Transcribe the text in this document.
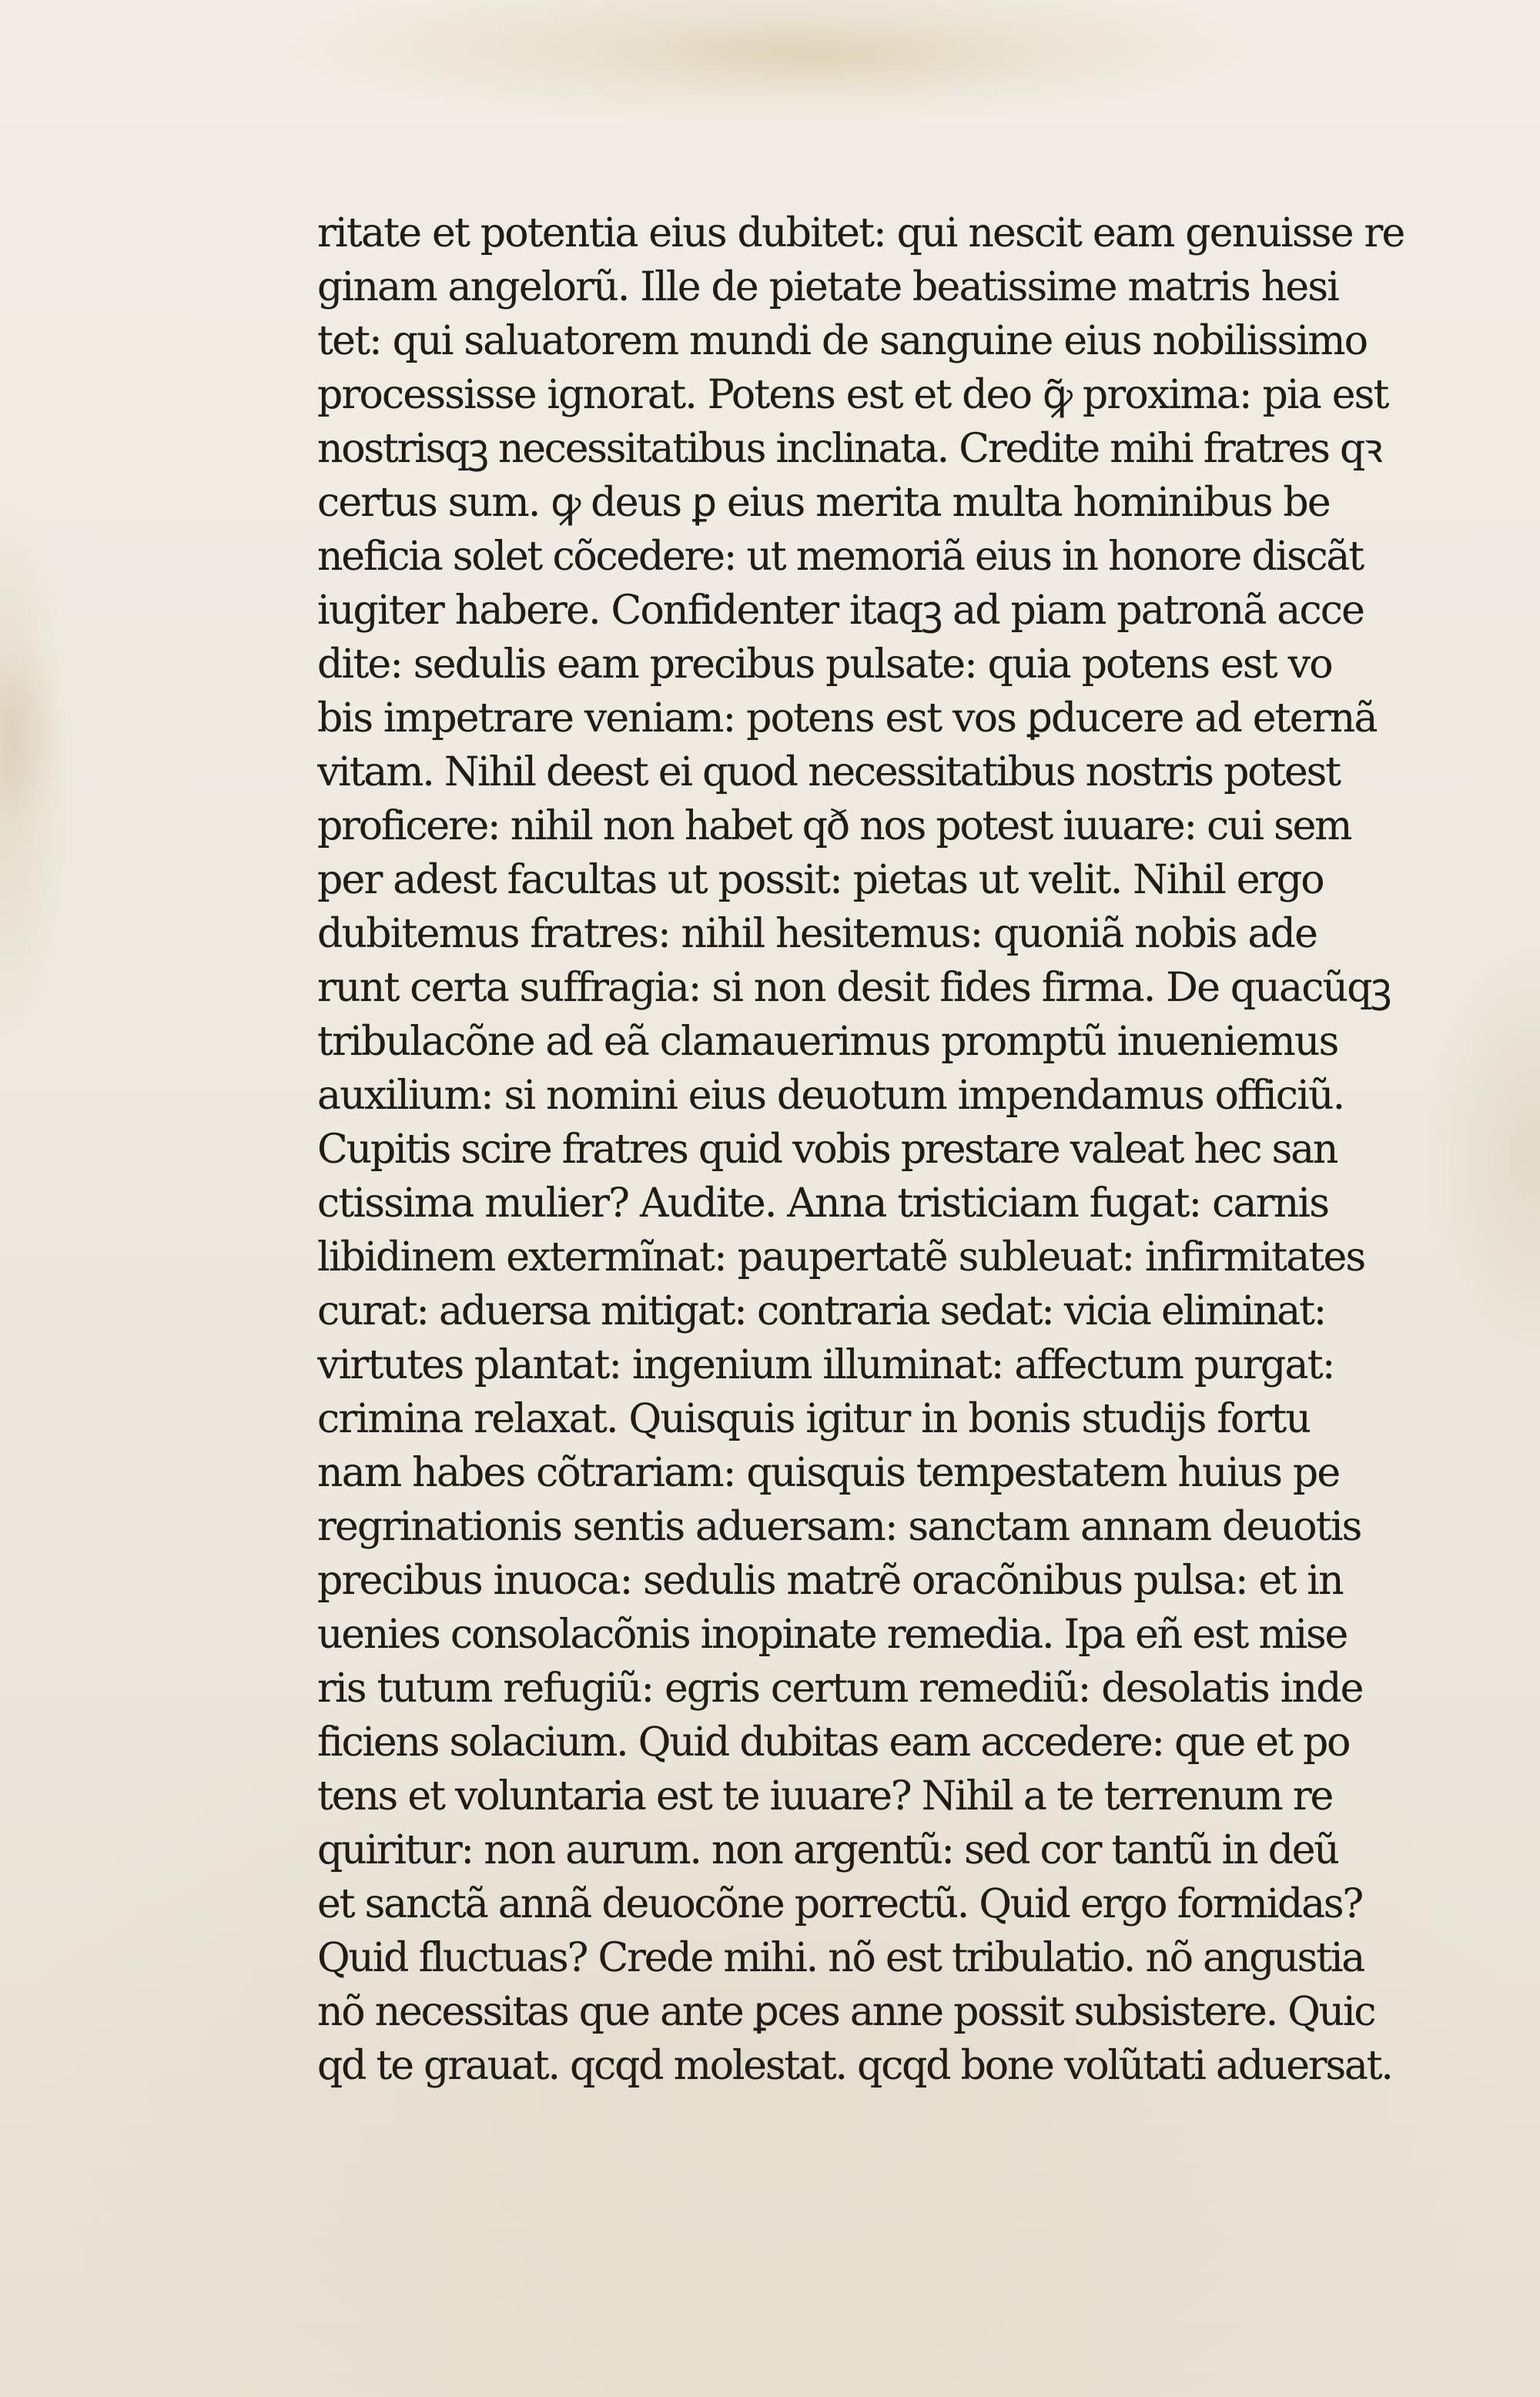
ritate et potentia eius dubitet: qui nescit eam genuisse re
ginam angelorũ. Ille de pietate beatissime matris hesi
tet: qui saluatorem mundi de sanguine eius nobilissimo
processisse ignorat. Potens est et deo ꝙ̃ proxima: pia est
nostrisqꝫ necessitatibus inclinata. Credite mihi fratres qꝛ
certus sum. ꝙ deus ꝑ eius merita multa hominibus be
neficia solet cõcedere: ut memoriã eius in honore discãt
iugiter habere. Confidenter itaqꝫ ad piam patronã acce
dite: sedulis eam precibus pulsate: quia potens est vo
bis impetrare veniam: potens est vos ꝑducere ad eternã
vitam. Nihil deest ei quod necessitatibus nostris potest
proficere: nihil non habet qð nos potest iuuare: cui sem
per adest facultas ut possit: pietas ut velit. Nihil ergo
dubitemus fratres: nihil hesitemus: quoniã nobis ade
runt certa suffragia: si non desit fides firma. De quacũqꝫ
tribulacõne ad eã clamauerimus promptũ inueniemus
auxilium: si nomini eius deuotum impendamus officiũ.
Cupitis scire fratres quid vobis prestare valeat hec san
ctissima mulier? Audite. Anna tristiciam fugat: carnis
libidinem extermĩnat: paupertatẽ subleuat: infirmitates
curat: aduersa mitigat: contraria sedat: vicia eliminat:
virtutes plantat: ingenium illuminat: affectum purgat:
crimina relaxat. Quisquis igitur in bonis studijs fortu
nam habes cõtrariam: quisquis tempestatem huius pe
regrinationis sentis aduersam: sanctam annam deuotis
precibus inuoca: sedulis matrẽ oracõnibus pulsa: et in
uenies consolacõnis inopinate remedia. Ipa eñ est mise
ris tutum refugiũ: egris certum remediũ: desolatis inde
ficiens solacium. Quid dubitas eam accedere: que et po
tens et voluntaria est te iuuare? Nihil a te terrenum re
quiritur: non aurum. non argentũ: sed cor tantũ in deũ
et sanctã annã deuocõne porrectũ. Quid ergo formidas?
Quid fluctuas? Crede mihi. nõ est tribulatio. nõ angustia
nõ necessitas que ante ꝑces anne possit subsistere. Quic
qd te grauat. qcqd molestat. qcqd bone volũtati aduersat.
